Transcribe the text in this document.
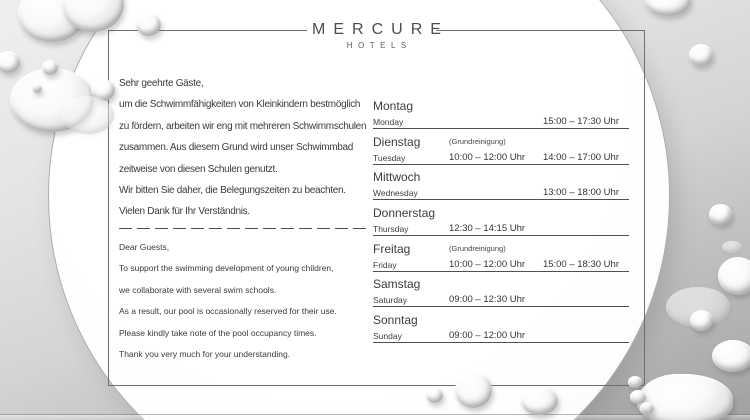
MERCURE
HOTELS

Sehr geehrte Gäste,

um die Schwimmfähigkeiten von Kleinkindern bestmöglich

zu fördern, arbeiten wir eng mit mehreren Schwimmschulen

zusammen. Aus diesem Grund wird unser Schwimmbad

zeitweise von diesen Schulen genutzt.

Wir bitten Sie daher, die Belegungszeiten zu beachten.

Vielen Dank für Ihr Verständnis.

Dear Guests,

To support the swimming development of young children,

we collaborate with several swim schools.

As a result, our pool is occasionally reserved for their use.

Please kindly take note of the pool occupancy times.

Thank you very much for your understanding.

Montag
Monday	15:00 – 17:30 Uhr
Dienstag
Tuesday
(Grundreinigung)
10:00 – 12:00 Uhr 14:00 – 17:00 Uhr
Mittwoch
Wednesday	13:00 – 18:00 Uhr
Donnerstag
Thursday	12:30 – 14:15 Uhr
Freitag
Friday
(Grundreinigung)
10:00 – 12:00 Uhr 15:00 – 18:30 Uhr
Samstag
Saturday	09:00 – 12:30 Uhr
Sonntag
Sunday	09:00 – 12:00 Uhr
